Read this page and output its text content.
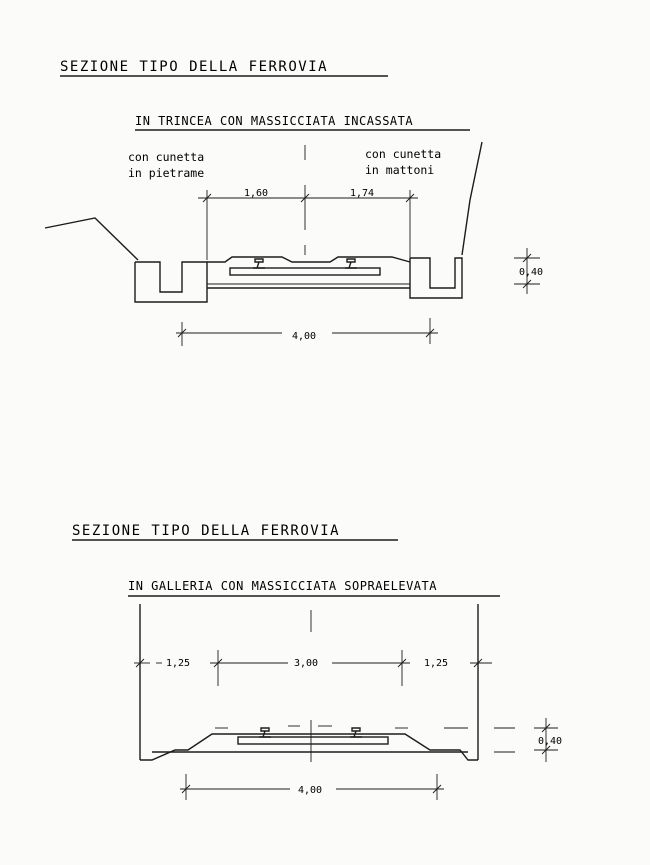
SEZIONE TIPO DELLA FERROVIA
IN TRINCEA CON MASSICCIATA INCASSATA
con cunetta
in pietrame
con cunetta
in mattoni
1,60	1,74
0,40
4,00
SEZIONE TIPO DELLA FERROVIA
IN GALLERIA CON MASSICCIATA SOPRAELEVATA
1,25	3,00	1,25
0,40
4,00
